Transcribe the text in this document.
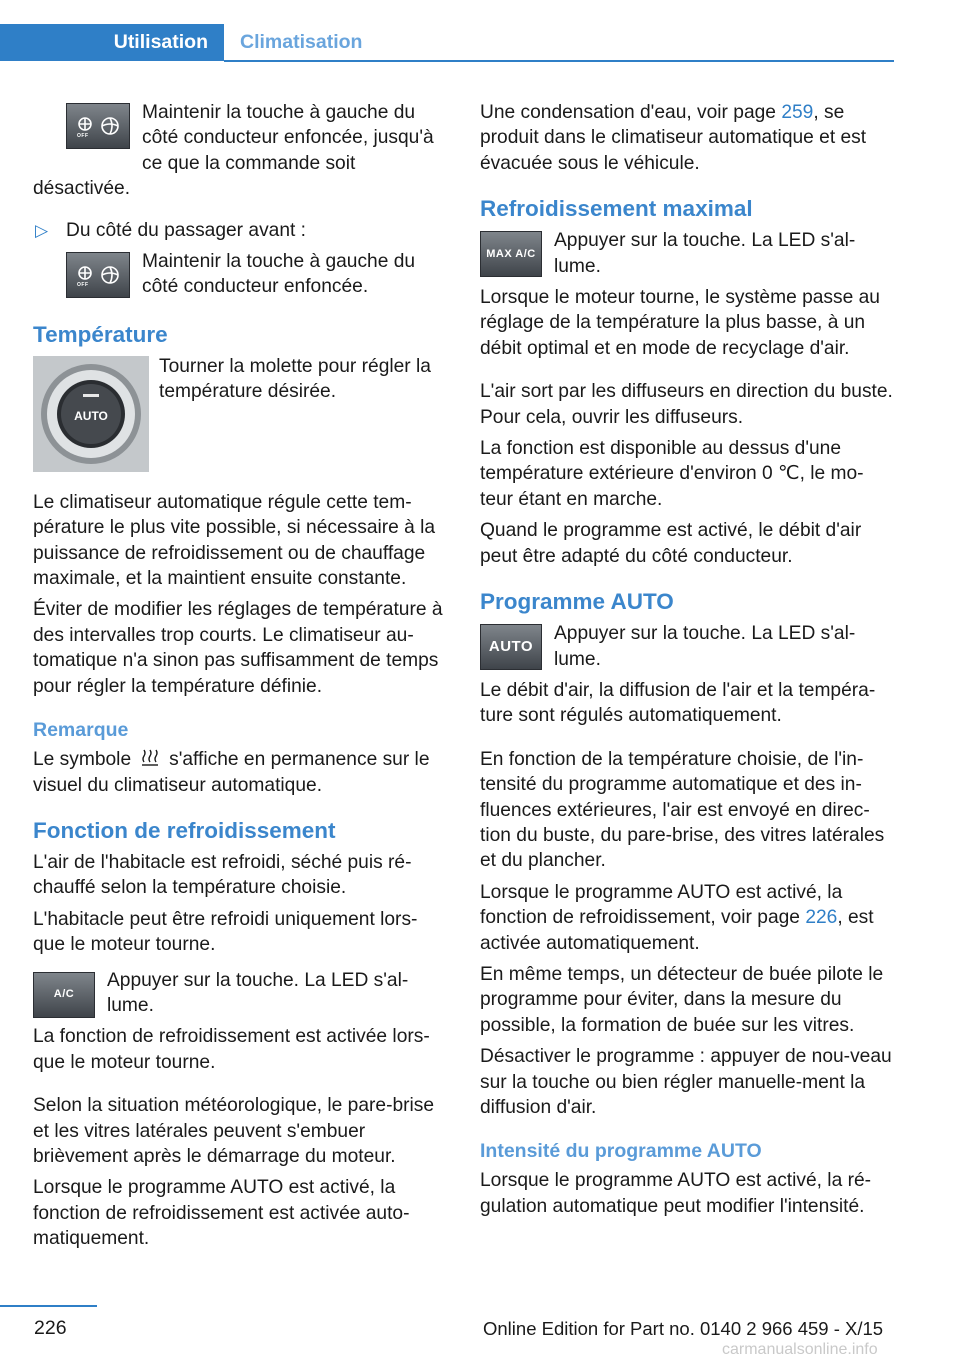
Utilisation	Climatisation
OFF

Maintenir la touche à gauche du côté conducteur enfoncée, jusqu'à ce que la commande soit désactivée.

▷ Du côté du passager avant :

OFF

Maintenir la touche à gauche du côté conducteur enfoncée.

Température
AUTO

Tourner la molette pour régler la température désirée.

Le climatiseur automatique régule cette tem-pérature le plus vite possible, si nécessaire à la puissance de refroidissement ou de chauffage maximale, et la maintient ensuite constante.

Éviter de modifier les réglages de température à des intervalles trop courts. Le climatiseur au-tomatique n'a sinon pas suffisamment de temps pour régler la température définie.

Remarque

Le symbole s'affiche en permanence sur le visuel du climatiseur automatique.

Fonction de refroidissement

L'air de l'habitacle est refroidi, séché puis ré-chauffé selon la température choisie.

L'habitacle peut être refroidi uniquement lors-que le moteur tourne.

A/C

Appuyer sur la touche. La LED s'al-lume.

La fonction de refroidissement est activée lors-que le moteur tourne.

Selon la situation météorologique, le pare-brise et les vitres latérales peuvent s'embuer brièvement après le démarrage du moteur.

Lorsque le programme AUTO est activé, la fonction de refroidissement est activée auto-matiquement.

Une condensation d'eau, voir page 259, se produit dans le climatiseur automatique et est évacuée sous le véhicule.

Refroidissement maximal
MAX A/C

Appuyer sur la touche. La LED s'al-lume.

Lorsque le moteur tourne, le système passe au réglage de la température la plus basse, à un débit optimal et en mode de recyclage d'air.

L'air sort par les diffuseurs en direction du buste. Pour cela, ouvrir les diffuseurs.

La fonction est disponible au dessus d'une température extérieure d'environ 0 ℃, le mo-teur étant en marche.

Quand le programme est activé, le débit d'air peut être adapté du côté conducteur.

Programme AUTO
AUTO

Appuyer sur la touche. La LED s'al-lume.

Le débit d'air, la diffusion de l'air et la tempéra-ture sont régulés automatiquement.

En fonction de la température choisie, de l'in-tensité du programme automatique et des in-fluences extérieures, l'air est envoyé en direc-tion du buste, du pare-brise, des vitres latérales et du plancher.

Lorsque le programme AUTO est activé, la fonction de refroidissement, voir page 226, est activée automatiquement.

En même temps, un détecteur de buée pilote le programme pour éviter, dans la mesure du possible, la formation de buée sur les vitres.

Désactiver le programme : appuyer de nou-veau sur la touche ou bien régler manuelle-ment la diffusion d'air.

Intensité du programme AUTO

Lorsque le programme AUTO est activé, la ré-gulation automatique peut modifier l'intensité.

226	Online Edition for Part no. 0140 2 966 459 - X/15
carmanualsonline.info
